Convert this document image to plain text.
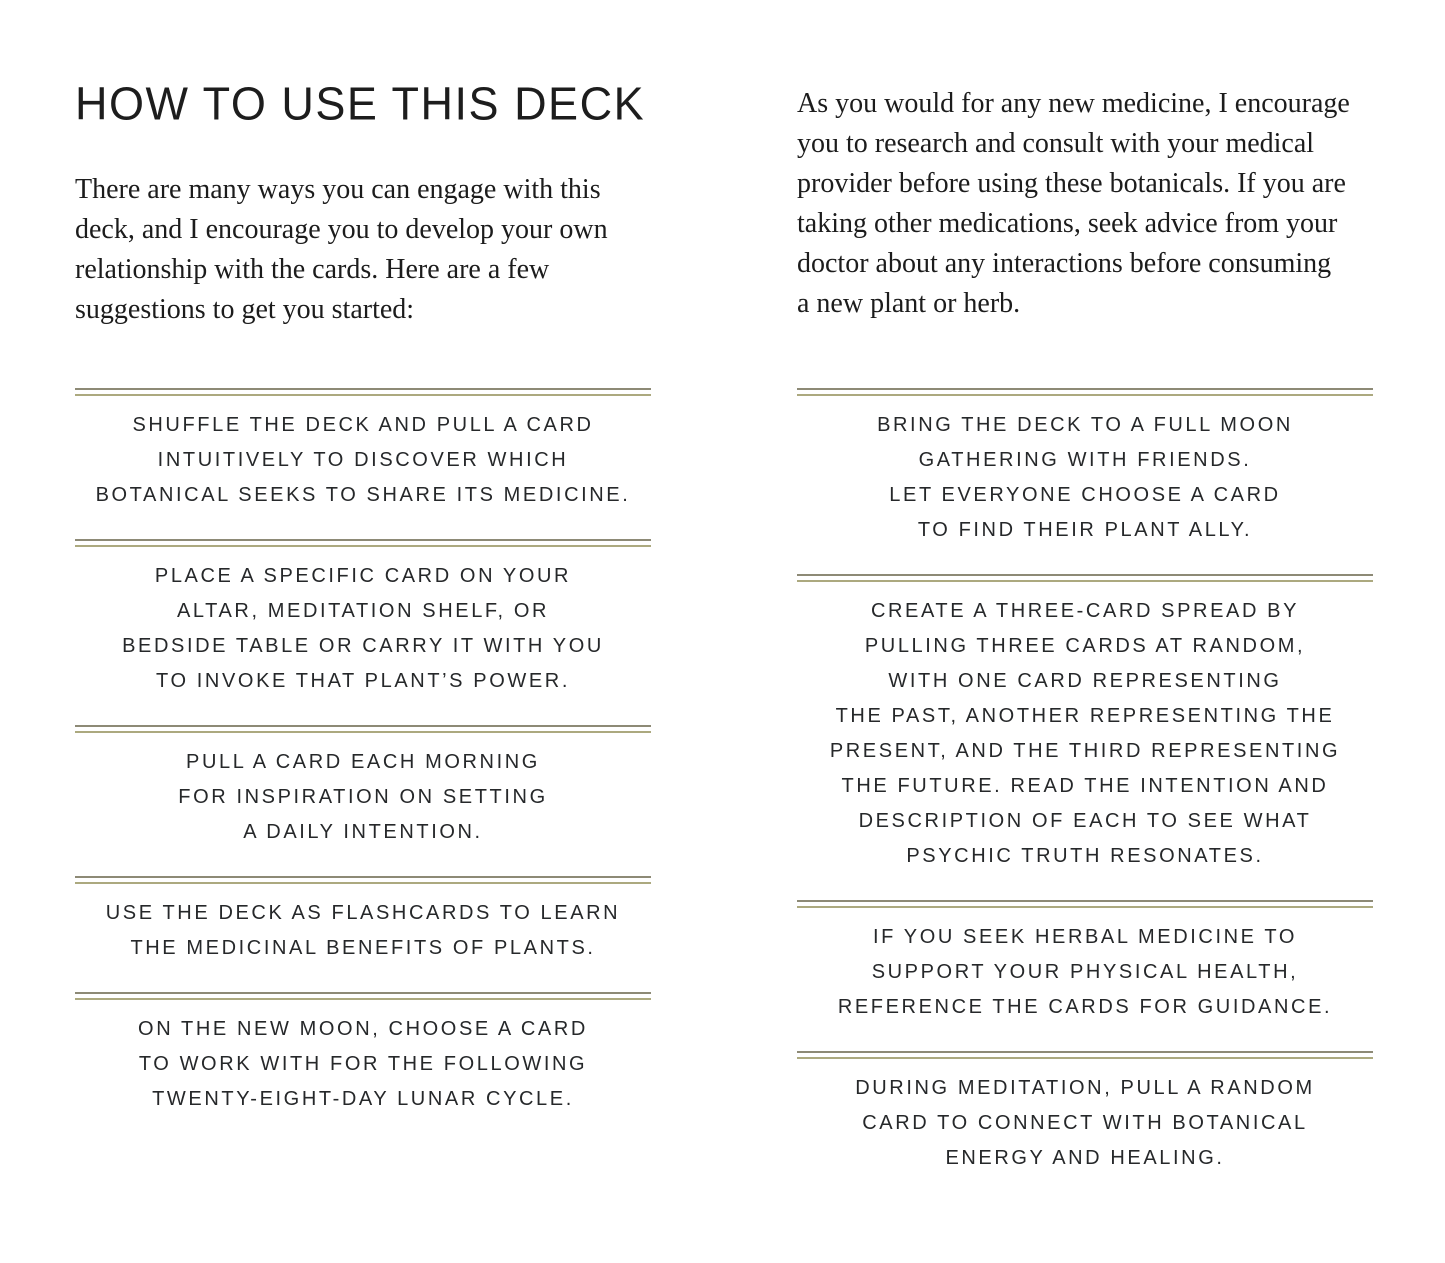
HOW TO USE THIS DECK
There are many ways you can engage with this
deck, and I encourage you to develop your own
relationship with the cards. Here are a few
suggestions to get you started:
SHUFFLE THE DECK AND PULL A CARD
INTUITIVELY TO DISCOVER WHICH
BOTANICAL SEEKS TO SHARE ITS MEDICINE.
PLACE A SPECIFIC CARD ON YOUR
ALTAR, MEDITATION SHELF, OR
BEDSIDE TABLE OR CARRY IT WITH YOU
TO INVOKE THAT PLANT’S POWER.
PULL A CARD EACH MORNING
FOR INSPIRATION ON SETTING
A DAILY INTENTION.
USE THE DECK AS FLASHCARDS TO LEARN
THE MEDICINAL BENEFITS OF PLANTS.
ON THE NEW MOON, CHOOSE A CARD
TO WORK WITH FOR THE FOLLOWING
TWENTY-EIGHT-DAY LUNAR CYCLE.
As you would for any new medicine, I encourage
you to research and consult with your medical
provider before using these botanicals. If you are
taking other medications, seek advice from your
doctor about any interactions before consuming
a new plant or herb.
BRING THE DECK TO A FULL MOON
GATHERING WITH FRIENDS.
LET EVERYONE CHOOSE A CARD
TO FIND THEIR PLANT ALLY.
CREATE A THREE-CARD SPREAD BY
PULLING THREE CARDS AT RANDOM,
WITH ONE CARD REPRESENTING
THE PAST, ANOTHER REPRESENTING THE
PRESENT, AND THE THIRD REPRESENTING
THE FUTURE. READ THE INTENTION AND
DESCRIPTION OF EACH TO SEE WHAT
PSYCHIC TRUTH RESONATES.
IF YOU SEEK HERBAL MEDICINE TO
SUPPORT YOUR PHYSICAL HEALTH,
REFERENCE THE CARDS FOR GUIDANCE.
DURING MEDITATION, PULL A RANDOM
CARD TO CONNECT WITH BOTANICAL
ENERGY AND HEALING.
